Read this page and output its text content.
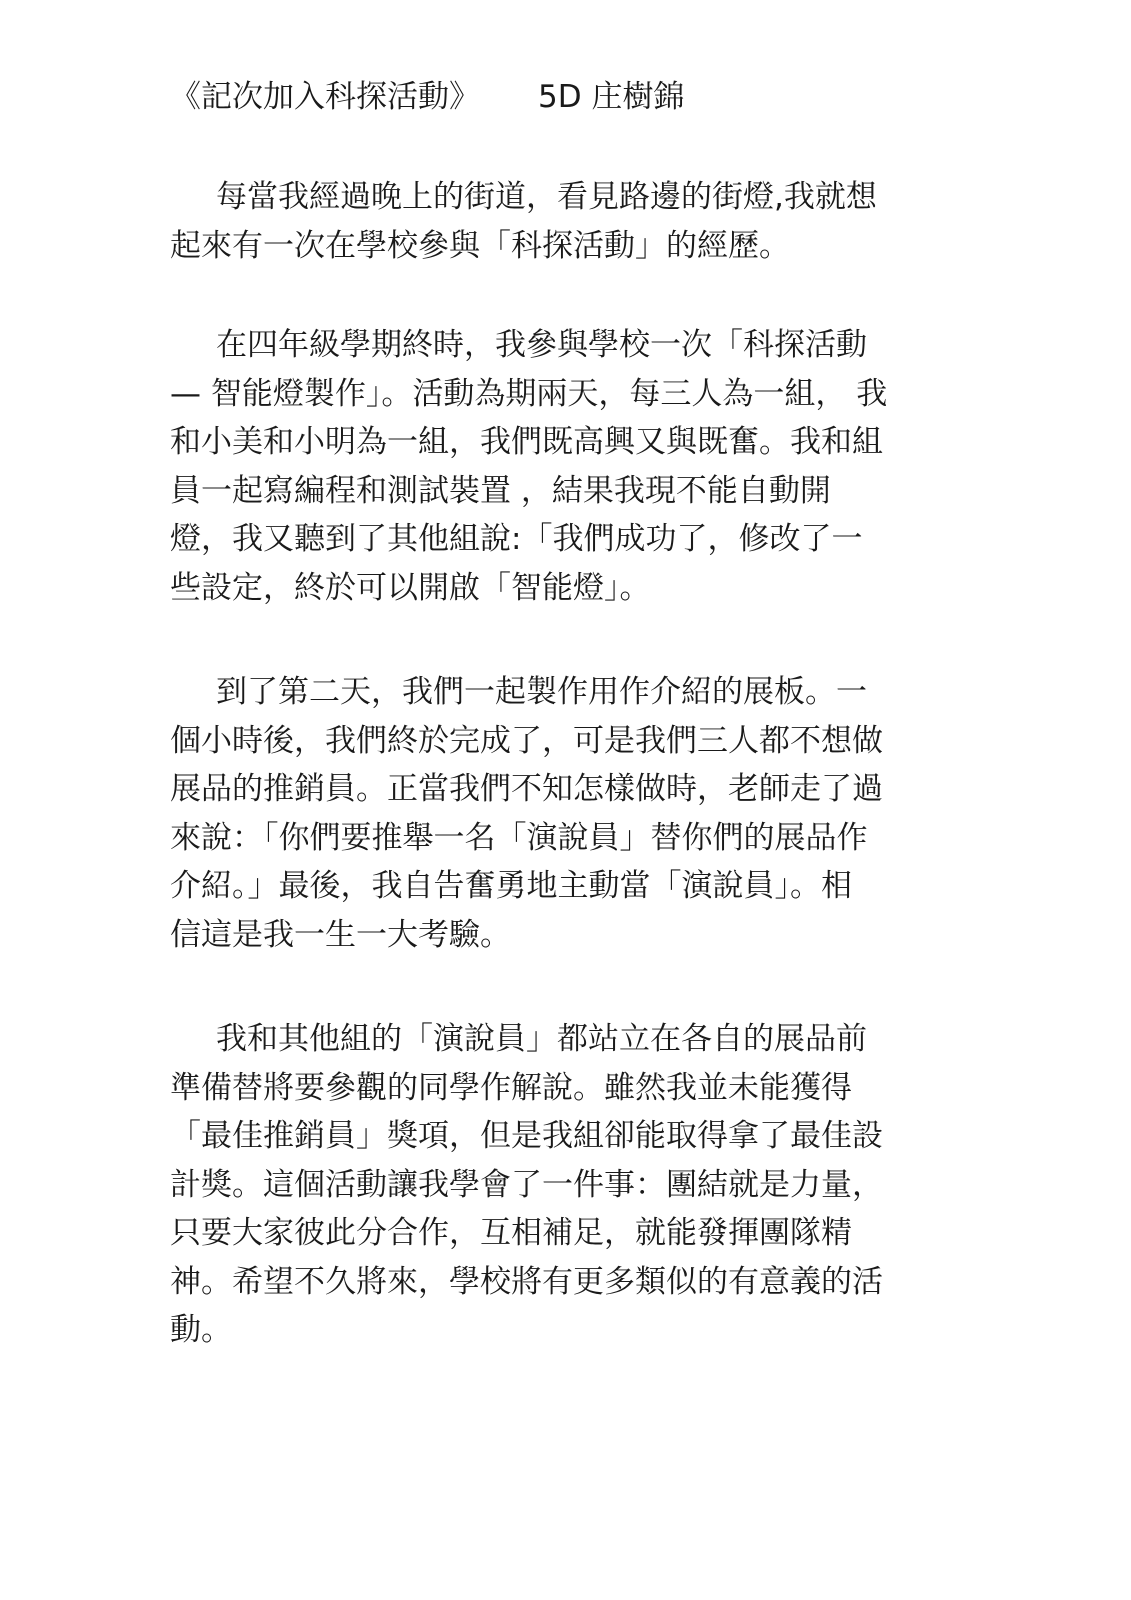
《記次加入科探活動》 5D 庄樹錦
每當我經過晚上的街道，看見路邊的街燈,我就想
起來有一次在學校參與「科探活動」的經歷。
在四年級學期終時，我參與學校一次「科探活動
— 智能燈製作」。活動為期兩天，每三人為一組， 我
和小美和小明為一組，我們既高興又與既奮。我和組
員一起寫編程和測試裝置 ，結果我現不能自動開
燈，我又聽到了其他組說:「我們成功了，修改了一
些設定，終於可以開啟「智能燈」。
到了第二天，我們一起製作用作介紹的展板。一
個小時後，我們終於完成了，可是我們三人都不想做
展品的推銷員。正當我們不知怎樣做時，老師走了過
來說：「你們要推舉一名「演說員」替你們的展品作
介紹。」最後，我自告奮勇地主動當「演說員」。相
信這是我一生一大考驗。
我和其他組的「演說員」都站立在各自的展品前
準備替將要參觀的同學作解說。雖然我並未能獲得
「最佳推銷員」獎項，但是我組卻能取得拿了最佳設
計獎。這個活動讓我學會了一件事：團結就是力量，
只要大家彼此分合作，互相補足，就能發揮團隊精
神。希望不久將來，學校將有更多類似的有意義的活
動。
